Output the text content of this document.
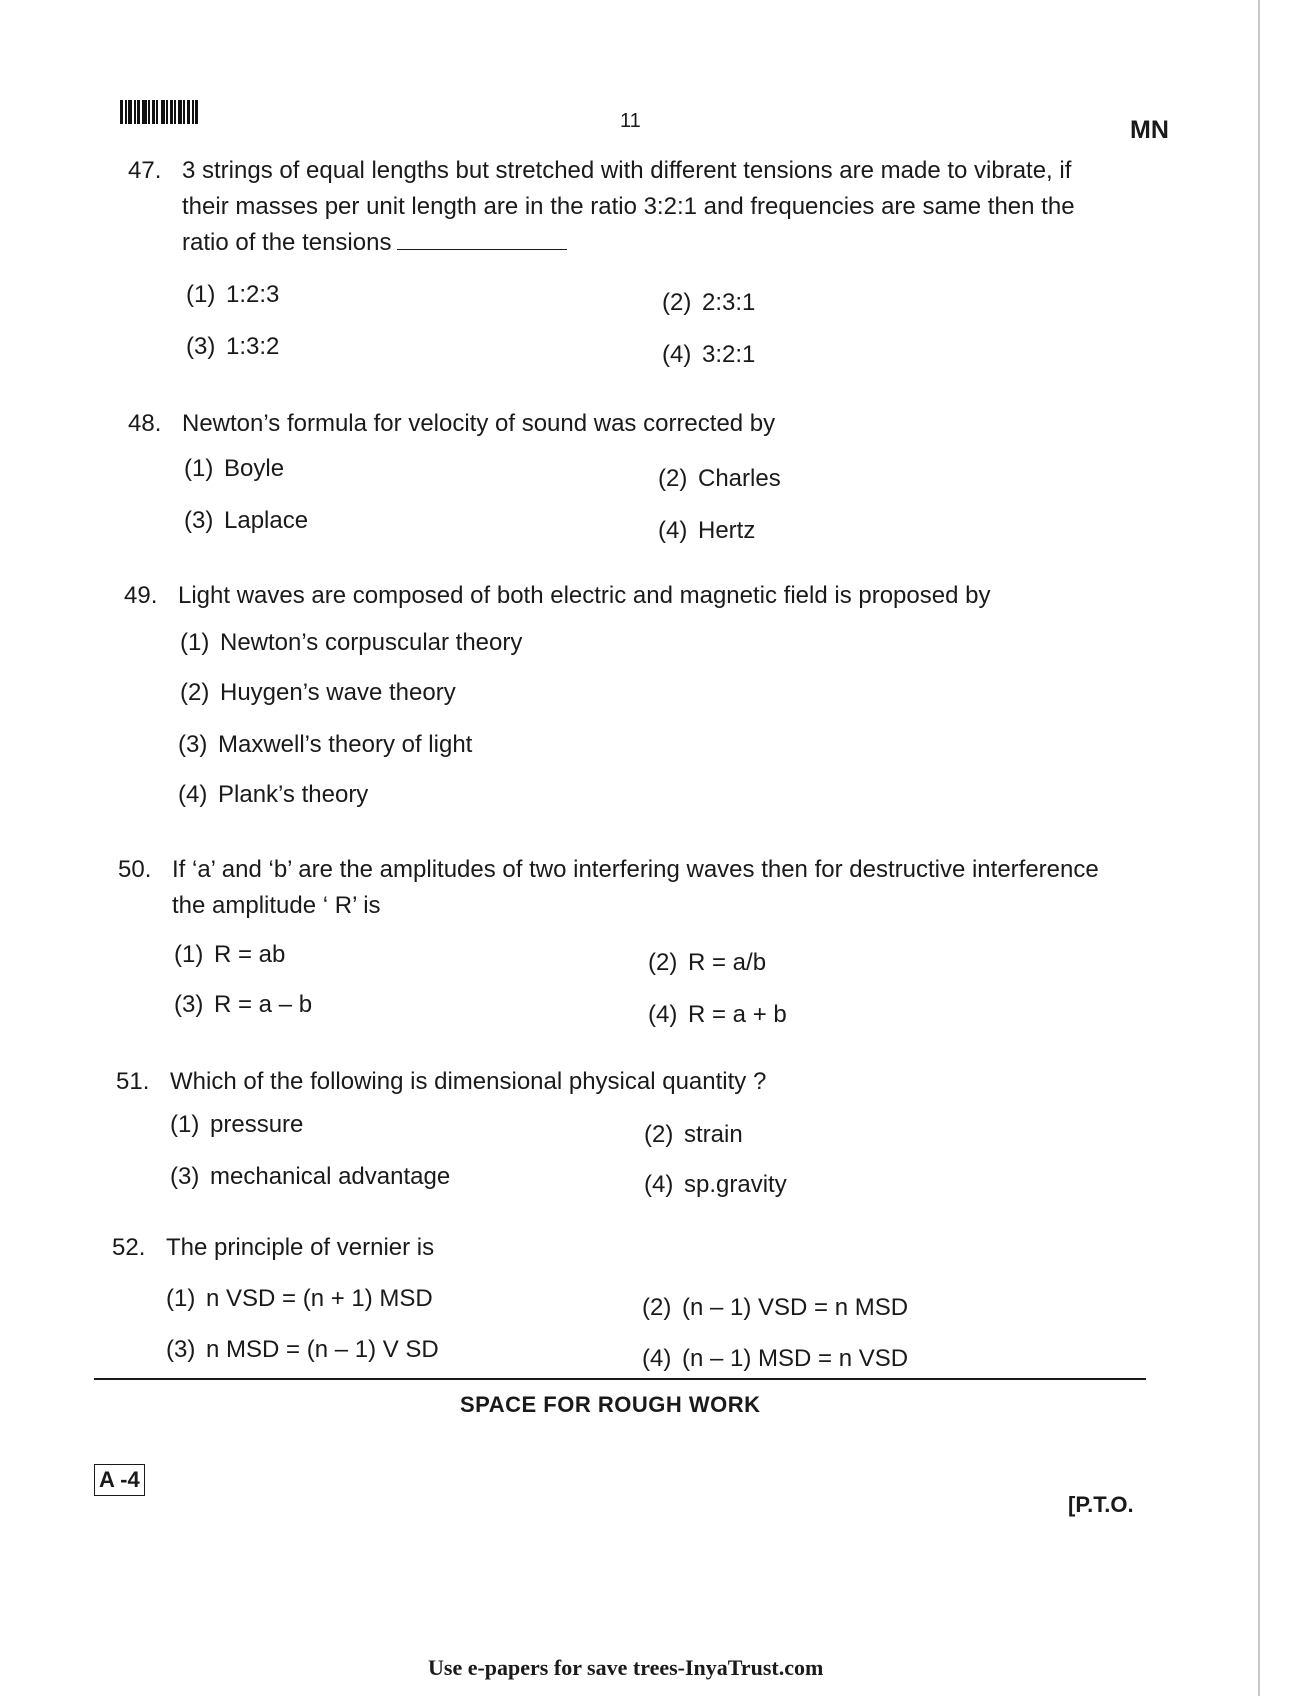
11	MN
47. 3 strings of equal lengths but stretched with different tensions are made to vibrate, if
their masses per unit length are in the ratio 3:2:1 and frequencies are same then the
ratio of the tensions
(1) 1:2:3	(2) 2:3:1
(3) 1:3:2	(4) 3:2:1
48. Newton’s formula for velocity of sound was corrected by
(1) Boyle	(2) Charles
(3) Laplace	(4) Hertz
49. Light waves are composed of both electric and magnetic field is proposed by
(1) Newton’s corpuscular theory
(2) Huygen’s wave theory
(3) Maxwell’s theory of light
(4) Plank’s theory
50. If ‘a’ and ‘b’ are the amplitudes of two interfering waves then for destructive interference
the amplitude ‘ R’ is
(1) R = ab	(2) R = a/b
(3) R = a – b	(4) R = a + b
51. Which of the following is dimensional physical quantity ?
(1) pressure	(2) strain
(3) mechanical advantage	(4) sp.gravity
52. The principle of vernier is
(1) n VSD = (n + 1) MSD	(2) (n – 1) VSD = n MSD
(3) n MSD = (n – 1) V SD	(4) (n – 1) MSD = n VSD
SPACE FOR ROUGH WORK
A -4
[P.T.O.
Use e-papers for save trees-InyaTrust.com
